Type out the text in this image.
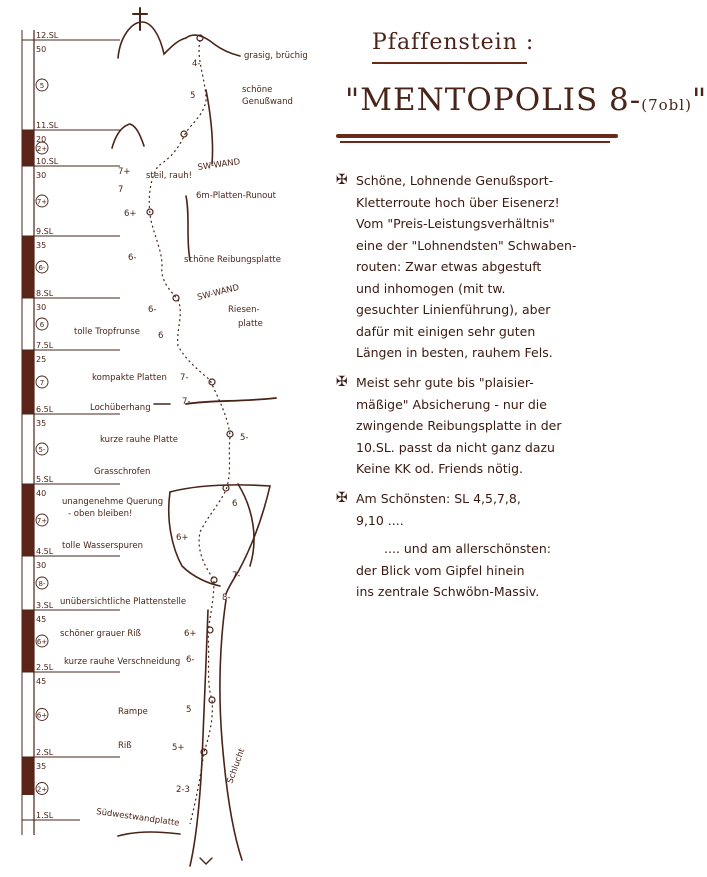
1.SL
2.SL
35
2+
2.5L
45
6+
3.SL
45
6+
4.5L
30
8-
5.SL
40
7+
6.5L
35
5-
7.5L
25
7
8.SL
30
6
9.SL
35
6-
10.SL
30
7+
11.SL
20
2+
12.SL
50
5
grasig, brüchig
schöne
Genußwand
steil, rauh!
SW-WAND
6m-Platten-Runout
schöne Reibungsplatte
SW-WAND
Riesen-
platte
tolle Tropfrunse
kompakte Platten
Lochüberhang
kurze rauhe Platte
Grasschrofen
unangenehme Querung
- oben bleiben!
tolle Wasserspuren
unübersichtliche Plattenstelle
schöner grauer Riß
kurze rauhe Verschneidung
Rampe
Riß
Schlucht
Südwestwandplatte
4-
5
7+
7
6+
6-
6-
6
7-
7-
5-
6
6+
7-
8-
6+
6-
5
5+
2-3
Pfaffenstein :
"MENTOPOLIS 8-(7obl)"
✠ Schöne, Lohnende Genußsport-
Kletterroute hoch über Eisenerz!
Vom "Preis-Leistungsverhältnis"
eine der "Lohnendsten" Schwaben-
routen: Zwar etwas abgestuft
und inhomogen (mit tw.
gesuchter Linienführung), aber
dafür mit einigen sehr guten
Längen in besten, rauhem Fels.
✠ Meist sehr gute bis "plaisier-
mäßige" Absicherung - nur die
zwingende Reibungsplatte in der
10.SL. passt da nicht ganz dazu
Keine KK od. Friends nötig.
✠ Am Schönsten: SL 4,5,7,8,
9,10 ....
.... und am allerschönsten:
der Blick vom Gipfel hinein
ins zentrale Schwöbn-Massiv.
